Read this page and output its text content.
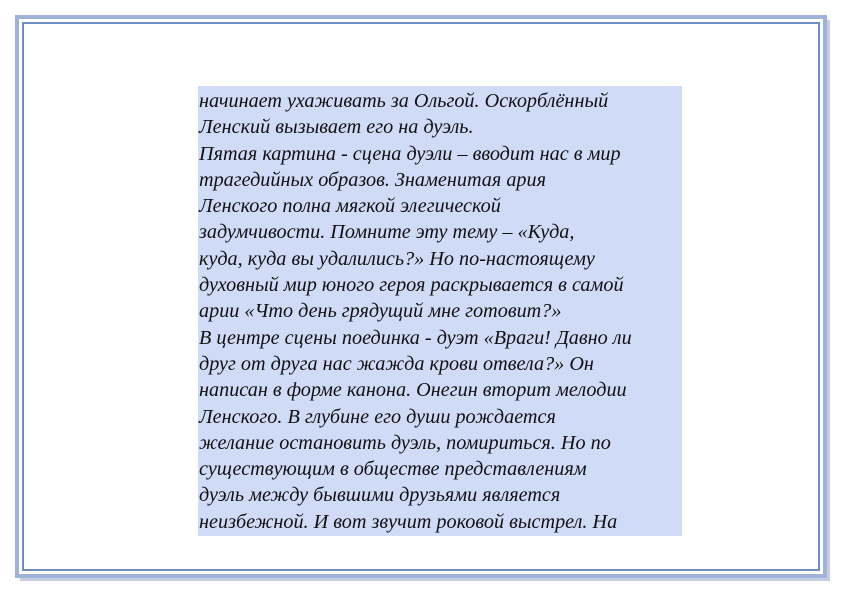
начинает ухаживать за Ольгой. Оскорблённый

Ленский вызывает его на дуэль.

Пятая картина - сцена дуэли – вводит нас в мир

трагедийных образов. Знаменитая ария

Ленского полна мягкой элегической

задумчивости. Помните эту тему – «Куда,

куда, куда вы удалились?» Но по-настоящему

духовный мир юного героя раскрывается в самой

арии «Что день грядущий мне готовит?»

В центре сцены поединка - дуэт «Враги! Давно ли

друг от друга нас жажда крови отвела?» Он

написан в форме канона. Онегин вторит мелодии

Ленского. В глубине его души рождается

желание остановить дуэль, помириться. Но по

существующим в обществе представлениям

дуэль между бывшими друзьями является

неизбежной. И вот звучит роковой выстрел. На
